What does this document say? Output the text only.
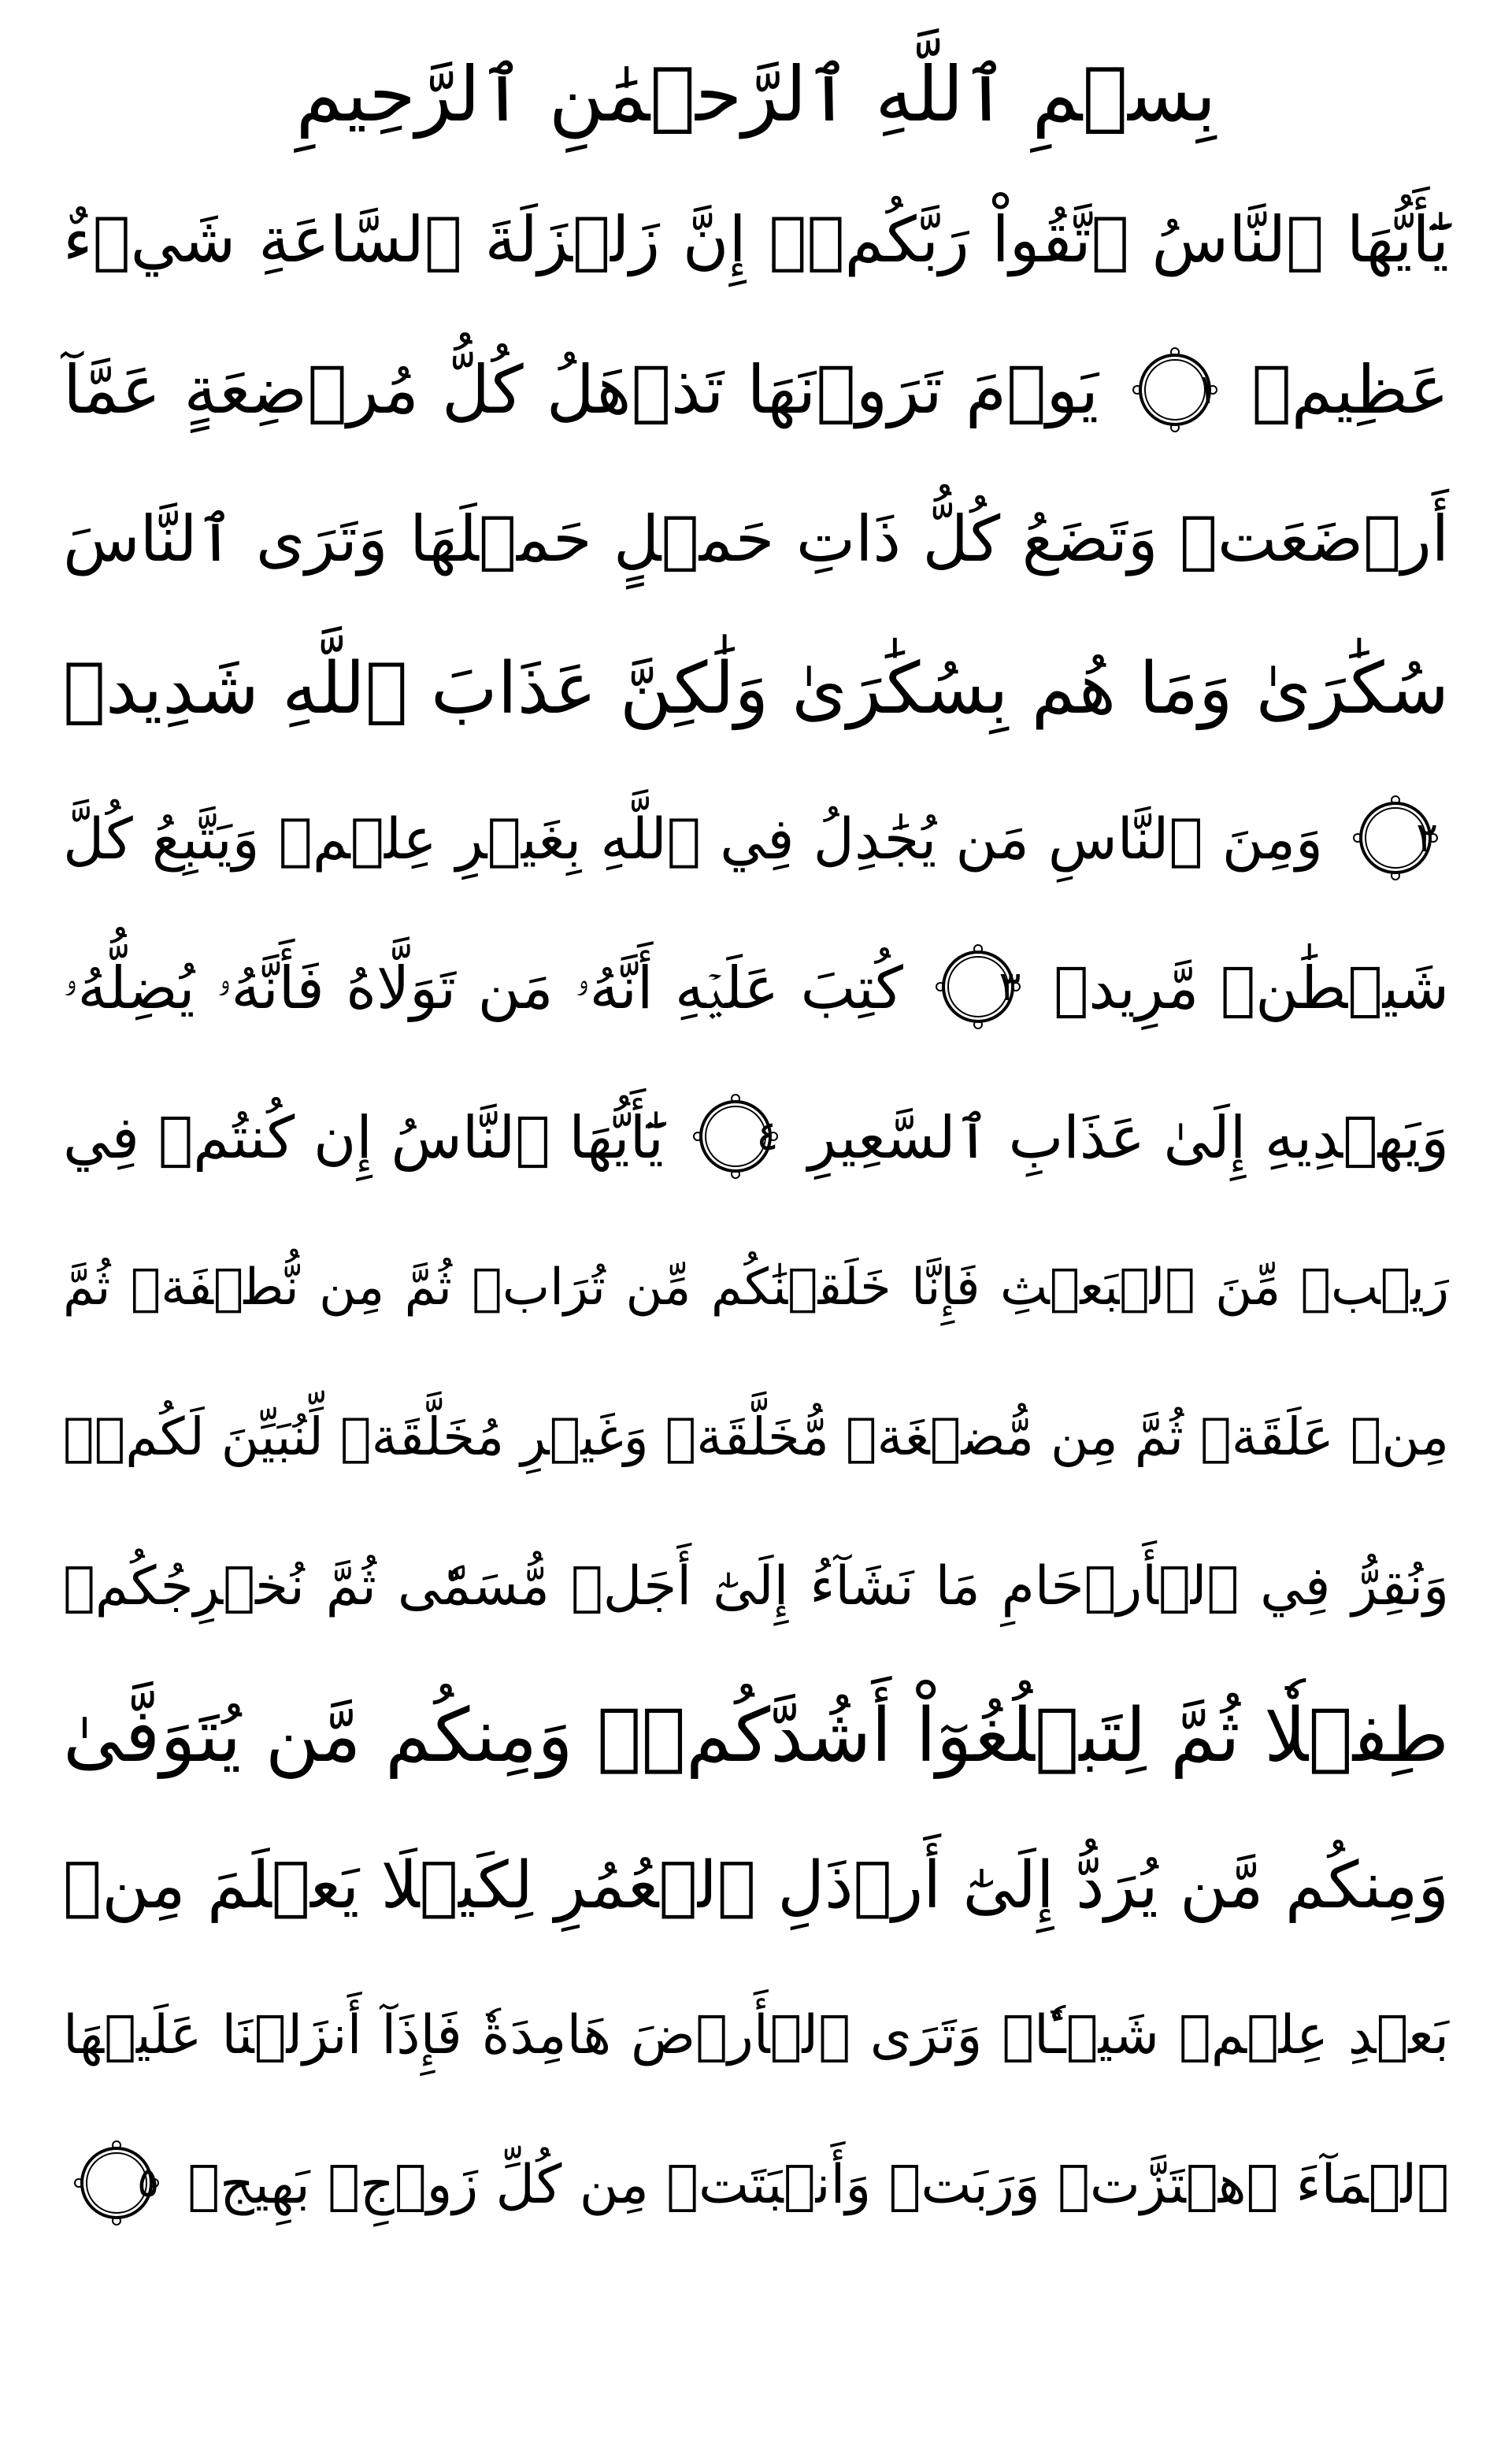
بِسۡمِ ٱللَّهِ ٱلرَّحۡمَٰنِ ٱلرَّحِيمِ
يَٰٓأَيُّهَا ٱلنَّاسُ ٱتَّقُواْ رَبَّكُمۡۚ إِنَّ زَلۡزَلَةَ ٱلسَّاعَةِ شَيۡءٌ
عَظِيمٞ
١
يَوۡمَ تَرَوۡنَهَا تَذۡهَلُ كُلُّ مُرۡضِعَةٍ عَمَّآ
أَرۡضَعَتۡ وَتَضَعُ كُلُّ ذَاتِ حَمۡلٍ حَمۡلَهَا وَتَرَى ٱلنَّاسَ
سُكَٰرَىٰ وَمَا هُم بِسُكَٰرَىٰ وَلَٰكِنَّ عَذَابَ ٱللَّهِ شَدِيدٞ
٢
وَمِنَ ٱلنَّاسِ مَن يُجَٰدِلُ فِي ٱللَّهِ بِغَيۡرِ عِلۡمٖ وَيَتَّبِعُ كُلَّ
شَيۡطَٰنٖ مَّرِيدٖ
٣
كُتِبَ عَلَيۡهِ أَنَّهُۥ مَن تَوَلَّاهُ فَأَنَّهُۥ يُضِلُّهُۥ
وَيَهۡدِيهِ إِلَىٰ عَذَابِ ٱلسَّعِيرِ
٤
يَٰٓأَيُّهَا ٱلنَّاسُ إِن كُنتُمۡ فِي
رَيۡبٖ مِّنَ ٱلۡبَعۡثِ فَإِنَّا خَلَقۡنَٰكُم مِّن تُرَابٖ ثُمَّ مِن نُّطۡفَةٖ ثُمَّ
مِنۡ عَلَقَةٖ ثُمَّ مِن مُّضۡغَةٖ مُّخَلَّقَةٖ وَغَيۡرِ مُخَلَّقَةٖ لِّنُبَيِّنَ لَكُمۡۚ
وَنُقِرُّ فِي ٱلۡأَرۡحَامِ مَا نَشَآءُ إِلَىٰٓ أَجَلٖ مُّسَمّٗى ثُمَّ نُخۡرِجُكُمۡ
طِفۡلٗا ثُمَّ لِتَبۡلُغُوٓاْ أَشُدَّكُمۡۖ وَمِنكُم مَّن يُتَوَفَّىٰ
وَمِنكُم مَّن يُرَدُّ إِلَىٰٓ أَرۡذَلِ ٱلۡعُمُرِ لِكَيۡلَا يَعۡلَمَ مِنۢ
بَعۡدِ عِلۡمٖ شَيۡـٔٗاۚ وَتَرَى ٱلۡأَرۡضَ هَامِدَةٗ فَإِذَآ أَنزَلۡنَا عَلَيۡهَا
ٱلۡمَآءَ ٱهۡتَزَّتۡ وَرَبَتۡ وَأَنۢبَتَتۡ مِن كُلِّ زَوۡجِۭ بَهِيجٖ
٥
